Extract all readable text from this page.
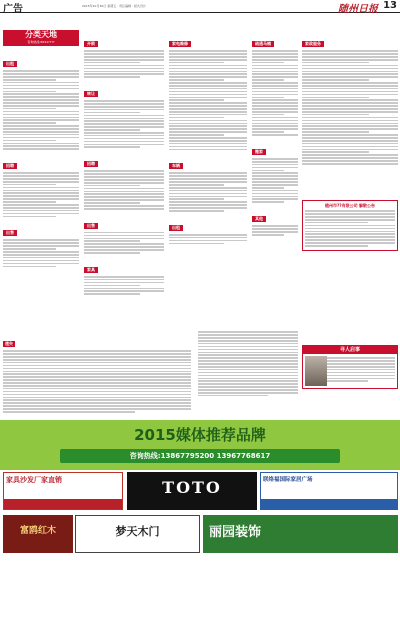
广告	2015年10月30日 星期五 · 责任编辑 · 版式设计	随州日报 13
分类天地
咨询热线:6591????
出租
招聘
出售
开锁
转让
招聘
出售
家具
家电维修
车辆
出租
疏通马桶
搬家
其他
家政服务
随州市??有限公司 解散公告
遗失
寻人启事
2015媒体推荐品牌
咨询热线:13867795200 13967768617
家具沙发厂家直销	TOTO	联络福国际家居广场
富鸥红木	梦天木门	丽园装饰
